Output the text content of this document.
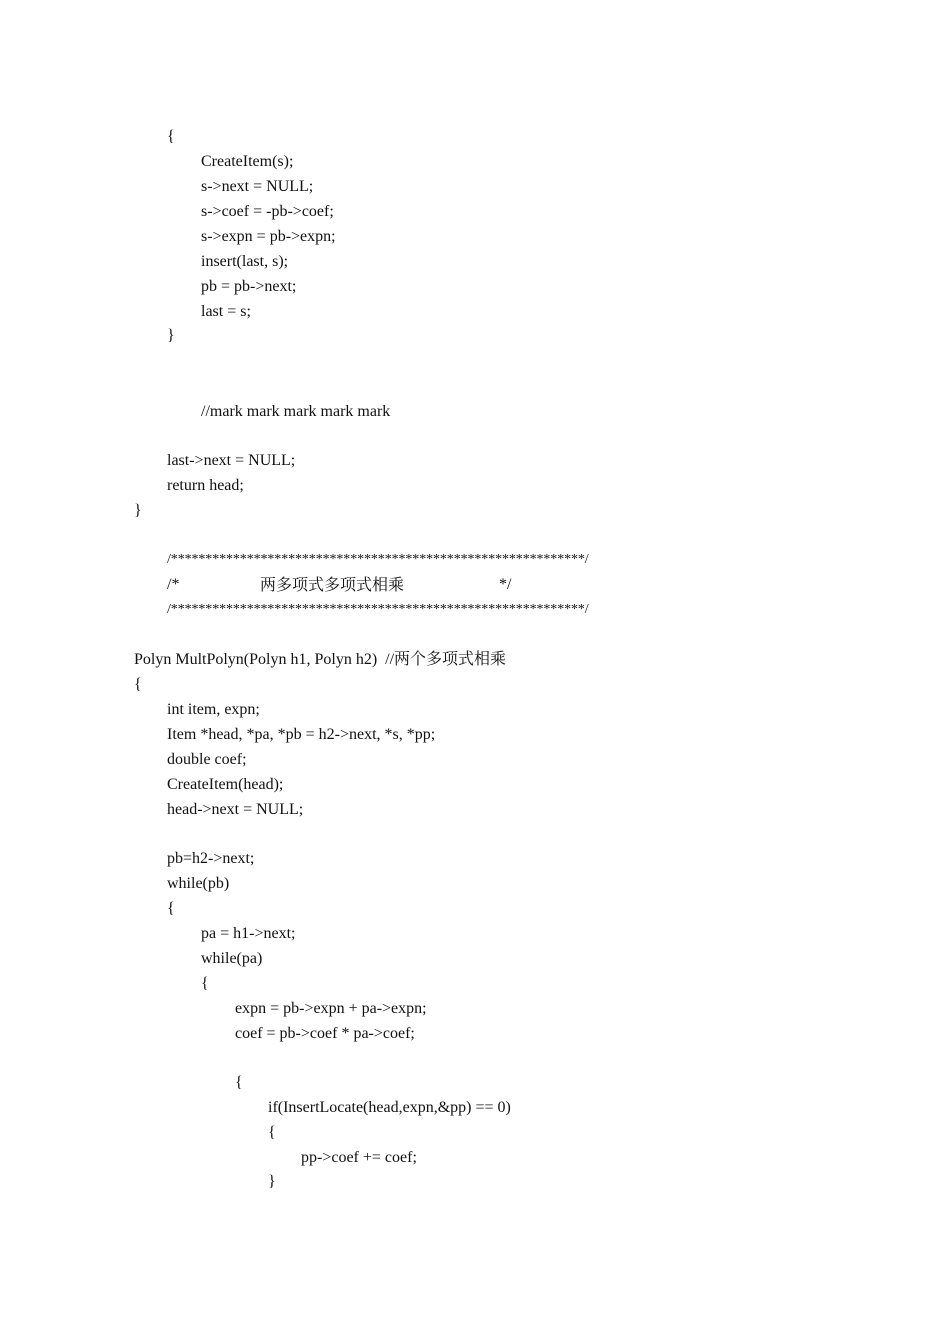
{
CreateItem(s);
s->next = NULL;
s->coef = -pb->coef;
s->expn = pb->expn;
insert(last, s);
pb = pb->next;
last = s;
}
//mark mark mark mark mark
last->next = NULL;
return head;
}
/************************************************************/
/*	两多项式多项式相乘	*/
/************************************************************/
Polyn MultPolyn(Polyn h1, Polyn h2)  //两个多项式相乘
{
int item, expn;
Item *head, *pa, *pb = h2->next, *s, *pp;
double coef;
CreateItem(head);
head->next = NULL;
pb=h2->next;
while(pb)
{
pa = h1->next;
while(pa)
{
expn = pb->expn + pa->expn;
coef = pb->coef * pa->coef;
{
if(InsertLocate(head,expn,&pp) == 0)
{
pp->coef += coef;
}
